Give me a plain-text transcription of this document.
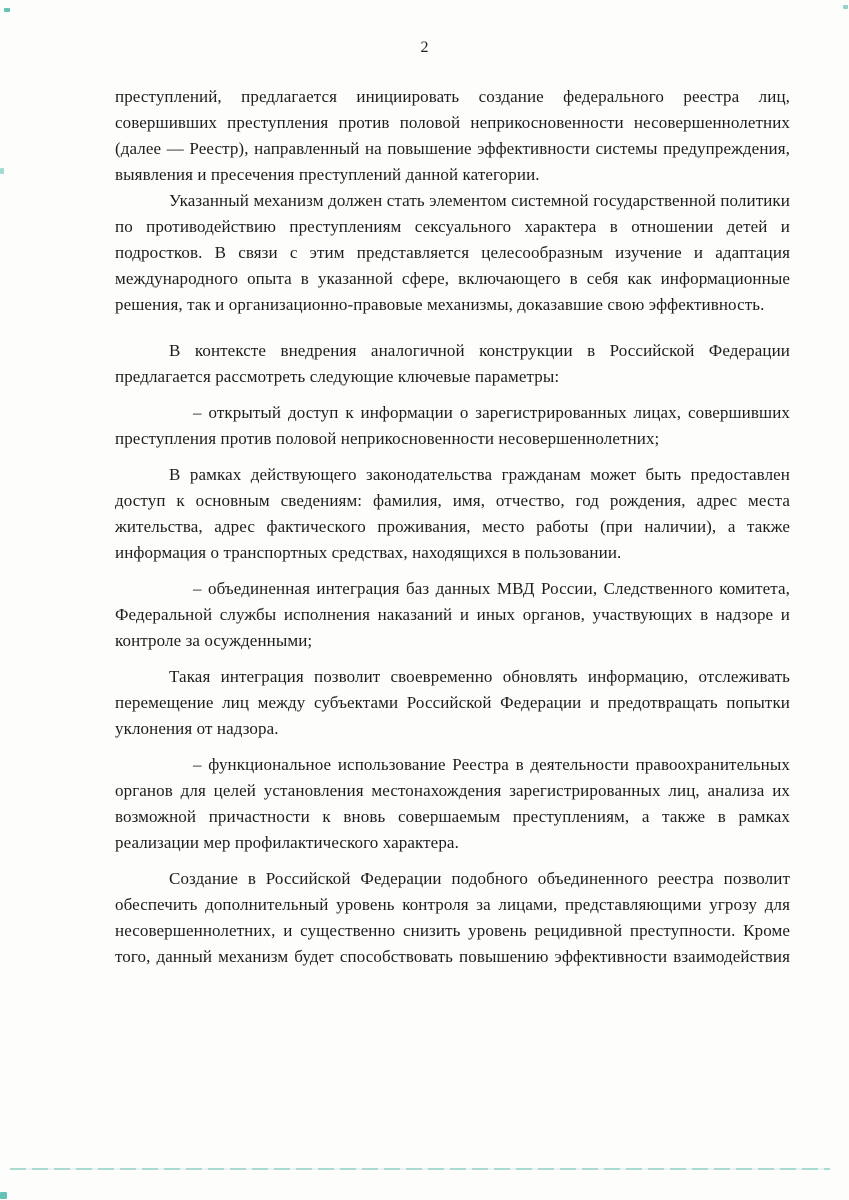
2

преступлений, предлагается инициировать создание федерального реестра лиц, совершивших преступления против половой неприкосновенности несовершеннолетних (далее — Реестр), направленный на повышение эффективности системы предупреждения, выявления и пресечения преступлений данной категории.

Указанный механизм должен стать элементом системной государственной политики по противодействию преступлениям сексуального характера в отношении детей и подростков. В связи с этим представляется целесообразным изучение и адаптация международного опыта в указанной сфере, включающего в себя как информационные решения, так и организационно-правовые механизмы, доказавшие свою эффективность.

В контексте внедрения аналогичной конструкции в Российской Федерации предлагается рассмотреть следующие ключевые параметры:

– открытый доступ к информации о зарегистрированных лицах, совершивших преступления против половой неприкосновенности несовершеннолетних;

В рамках действующего законодательства гражданам может быть предоставлен доступ к основным сведениям: фамилия, имя, отчество, год рождения, адрес места жительства, адрес фактического проживания, место работы (при наличии), а также информация о транспортных средствах, находящихся в пользовании.

– объединенная интеграция баз данных МВД России, Следственного комитета, Федеральной службы исполнения наказаний и иных органов, участвующих в надзоре и контроле за осужденными;

Такая интеграция позволит своевременно обновлять информацию, отслеживать перемещение лиц между субъектами Российской Федерации и предотвращать попытки уклонения от надзора.

– функциональное использование Реестра в деятельности правоохранительных органов для целей установления местонахождения зарегистрированных лиц, анализа их возможной причастности к вновь совершаемым преступлениям, а также в рамках реализации мер профилактического характера.

Создание в Российской Федерации подобного объединенного реестра позволит обеспечить дополнительный уровень контроля за лицами, представляющими угрозу для несовершеннолетних, и существенно снизить уровень рецидивной преступности. Кроме того, данный механизм будет способствовать повышению эффективности взаимодействия
